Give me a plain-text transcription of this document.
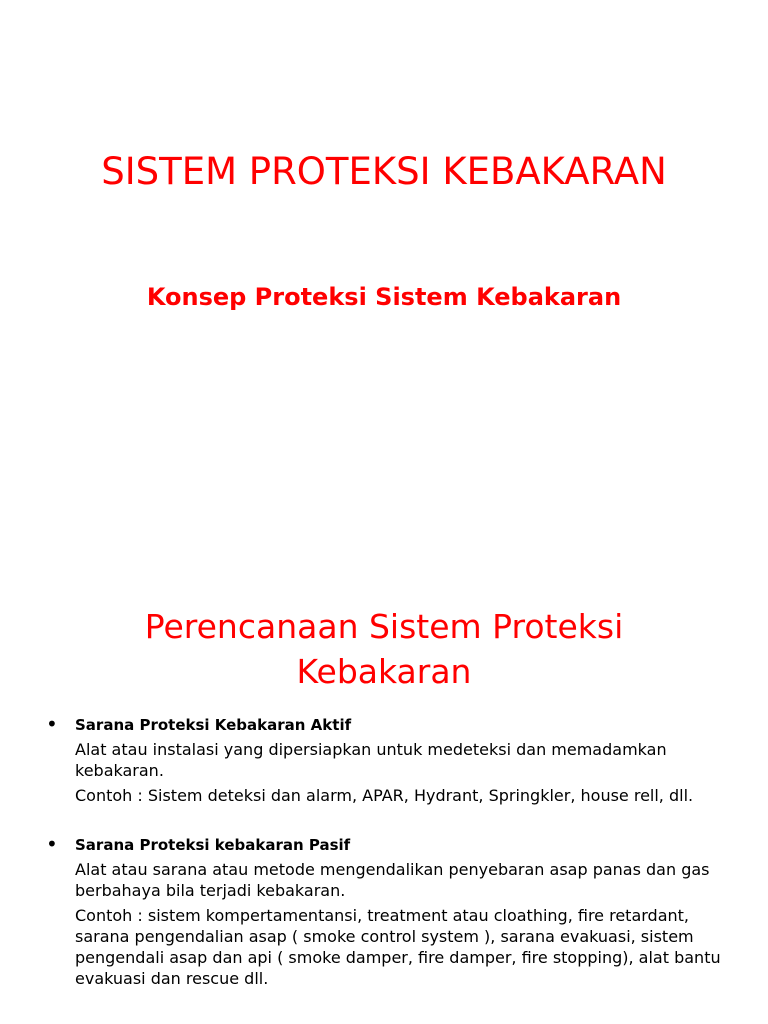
SISTEM PROTEKSI KEBAKARAN
Konsep Proteksi Sistem Kebakaran
Perencanaan Sistem Proteksi Kebakaran
• Sarana Proteksi Kebakaran Aktif

Alat atau instalasi yang dipersiapkan untuk medeteksi dan memadamkan kebakaran.

Contoh : Sistem deteksi dan alarm, APAR, Hydrant, Springkler, house rell, dll.

• Sarana Proteksi kebakaran Pasif

Alat atau sarana atau metode mengendalikan penyebaran asap panas dan gas berbahaya bila terjadi kebakaran.

Contoh : sistem kompertamentansi, treatment atau cloathing, fire retardant, sarana pengendalian asap ( smoke control system ), sarana evakuasi, sistem pengendali asap dan api ( smoke damper, fire damper, fire stopping), alat bantu evakuasi dan rescue dll.
